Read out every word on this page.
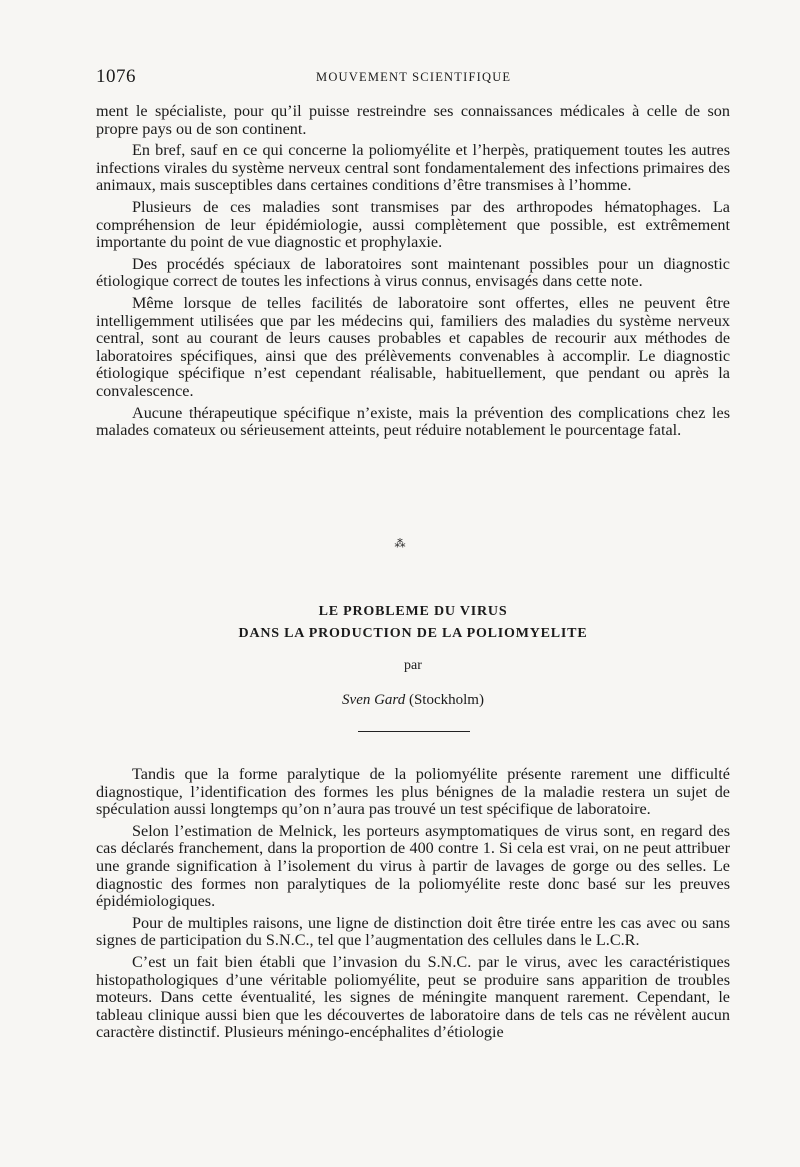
1076	MOUVEMENT SCIENTIFIQUE

ment le spécialiste, pour qu’il puisse restreindre ses connaissances médicales à celle de son propre pays ou de son continent.

En bref, sauf en ce qui concerne la poliomyélite et l’herpès, pratiquement toutes les autres infections virales du système nerveux central sont fondamentalement des infections primaires des animaux, mais susceptibles dans certaines conditions d’être transmises à l’homme.

Plusieurs de ces maladies sont transmises par des arthropodes hématophages. La compréhension de leur épidémiologie, aussi complètement que possible, est extrêmement importante du point de vue diagnostic et prophylaxie.

Des procédés spéciaux de laboratoires sont maintenant possibles pour un diagnostic étiologique correct de toutes les infections à virus connus, envisagés dans cette note.

Même lorsque de telles facilités de laboratoire sont offertes, elles ne peuvent être intelligemment utilisées que par les médecins qui, familiers des maladies du système nerveux central, sont au courant de leurs causes probables et capables de recourir aux méthodes de laboratoires spécifiques, ainsi que des prélèvements convenables à accomplir. Le diagnostic étiologique spécifique n’est cependant réalisable, habituellement, que pendant ou après la convalescence.

Aucune thérapeutique spécifique n’existe, mais la prévention des complications chez les malades comateux ou sérieusement atteints, peut réduire notablement le pourcentage fatal.

⁂
LE PROBLEME DU VIRUS
DANS LA PRODUCTION DE LA POLIOMYELITE
par
Sven Gard (Stockholm)

Tandis que la forme paralytique de la poliomyélite présente rarement une difficulté diagnostique, l’identification des formes les plus bénignes de la maladie restera un sujet de spéculation aussi longtemps qu’on n’aura pas trouvé un test spécifique de laboratoire.

Selon l’estimation de Melnick, les porteurs asymptomatiques de virus sont, en regard des cas déclarés franchement, dans la proportion de 400 contre 1. Si cela est vrai, on ne peut attribuer une grande signification à l’isolement du virus à partir de lavages de gorge ou des selles. Le diagnostic des formes non paralytiques de la poliomyélite reste donc basé sur les preuves épidémiologiques.

Pour de multiples raisons, une ligne de distinction doit être tirée entre les cas avec ou sans signes de participation du S.N.C., tel que l’augmentation des cellules dans le L.C.R.

C’est un fait bien établi que l’invasion du S.N.C. par le virus, avec les caractéristiques histopathologiques d’une véritable poliomyélite, peut se produire sans apparition de troubles moteurs. Dans cette éventualité, les signes de méningite manquent rarement. Cependant, le tableau clinique aussi bien que les découvertes de laboratoire dans de tels cas ne révèlent aucun caractère distinctif. Plusieurs méningo-encéphalites d’étiologie
